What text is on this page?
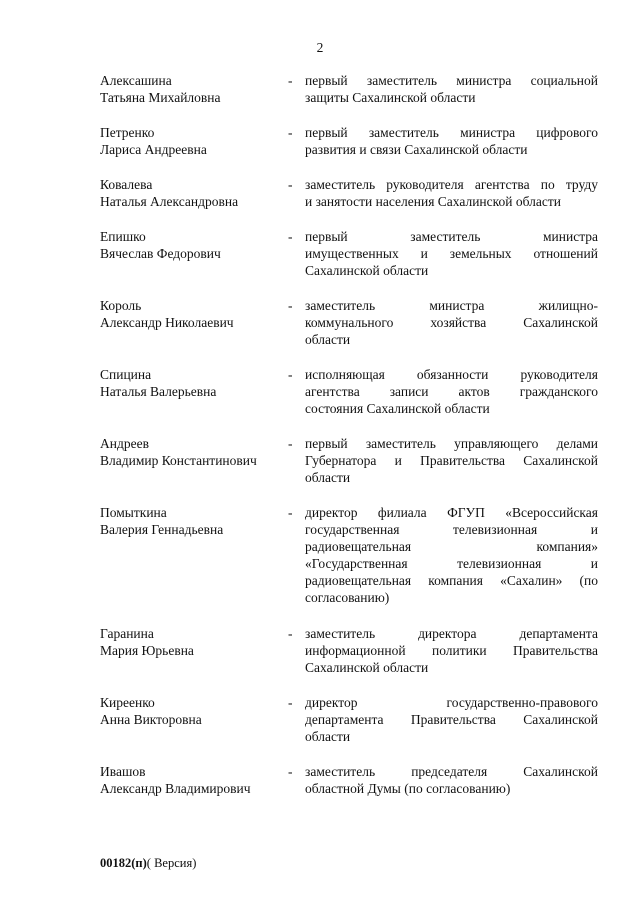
2
Алексашина
Татьяна Михайловна
- первый заместитель министра социальной
защиты Сахалинской области
Петренко
Лариса Андреевна
- первый заместитель министра цифрового
развития и связи Сахалинской области
Ковалева
Наталья Александровна
- заместитель руководителя агентства по труду
и занятости населения Сахалинской области
Епишко
Вячеслав Федорович
- первый заместитель министра
имущественных и земельных отношений
Сахалинской области
Король
Александр Николаевич
- заместитель министра жилищно-
коммунального хозяйства Сахалинской
области
Спицина
Наталья Валерьевна
- исполняющая обязанности руководителя
агентства записи актов гражданского
состояния Сахалинской области
Андреев
Владимир Константинович
- первый заместитель управляющего делами
Губернатора и Правительства Сахалинской
области
Помыткина
Валерия Геннадьевна
- директор филиала ФГУП «Всероссийская
государственная телевизионная и
радиовещательная компания»
«Государственная телевизионная и
радиовещательная компания «Сахалин» (по
согласованию)
Гаранина
Мария Юрьевна
- заместитель директора департамента
информационной политики Правительства
Сахалинской области
Киреенко
Анна Викторовна
- директор государственно-правового
департамента Правительства Сахалинской
области
Ивашов
Александр Владимирович
- заместитель председателя Сахалинской
областной Думы (по согласованию)
00182(п)( Версия)
